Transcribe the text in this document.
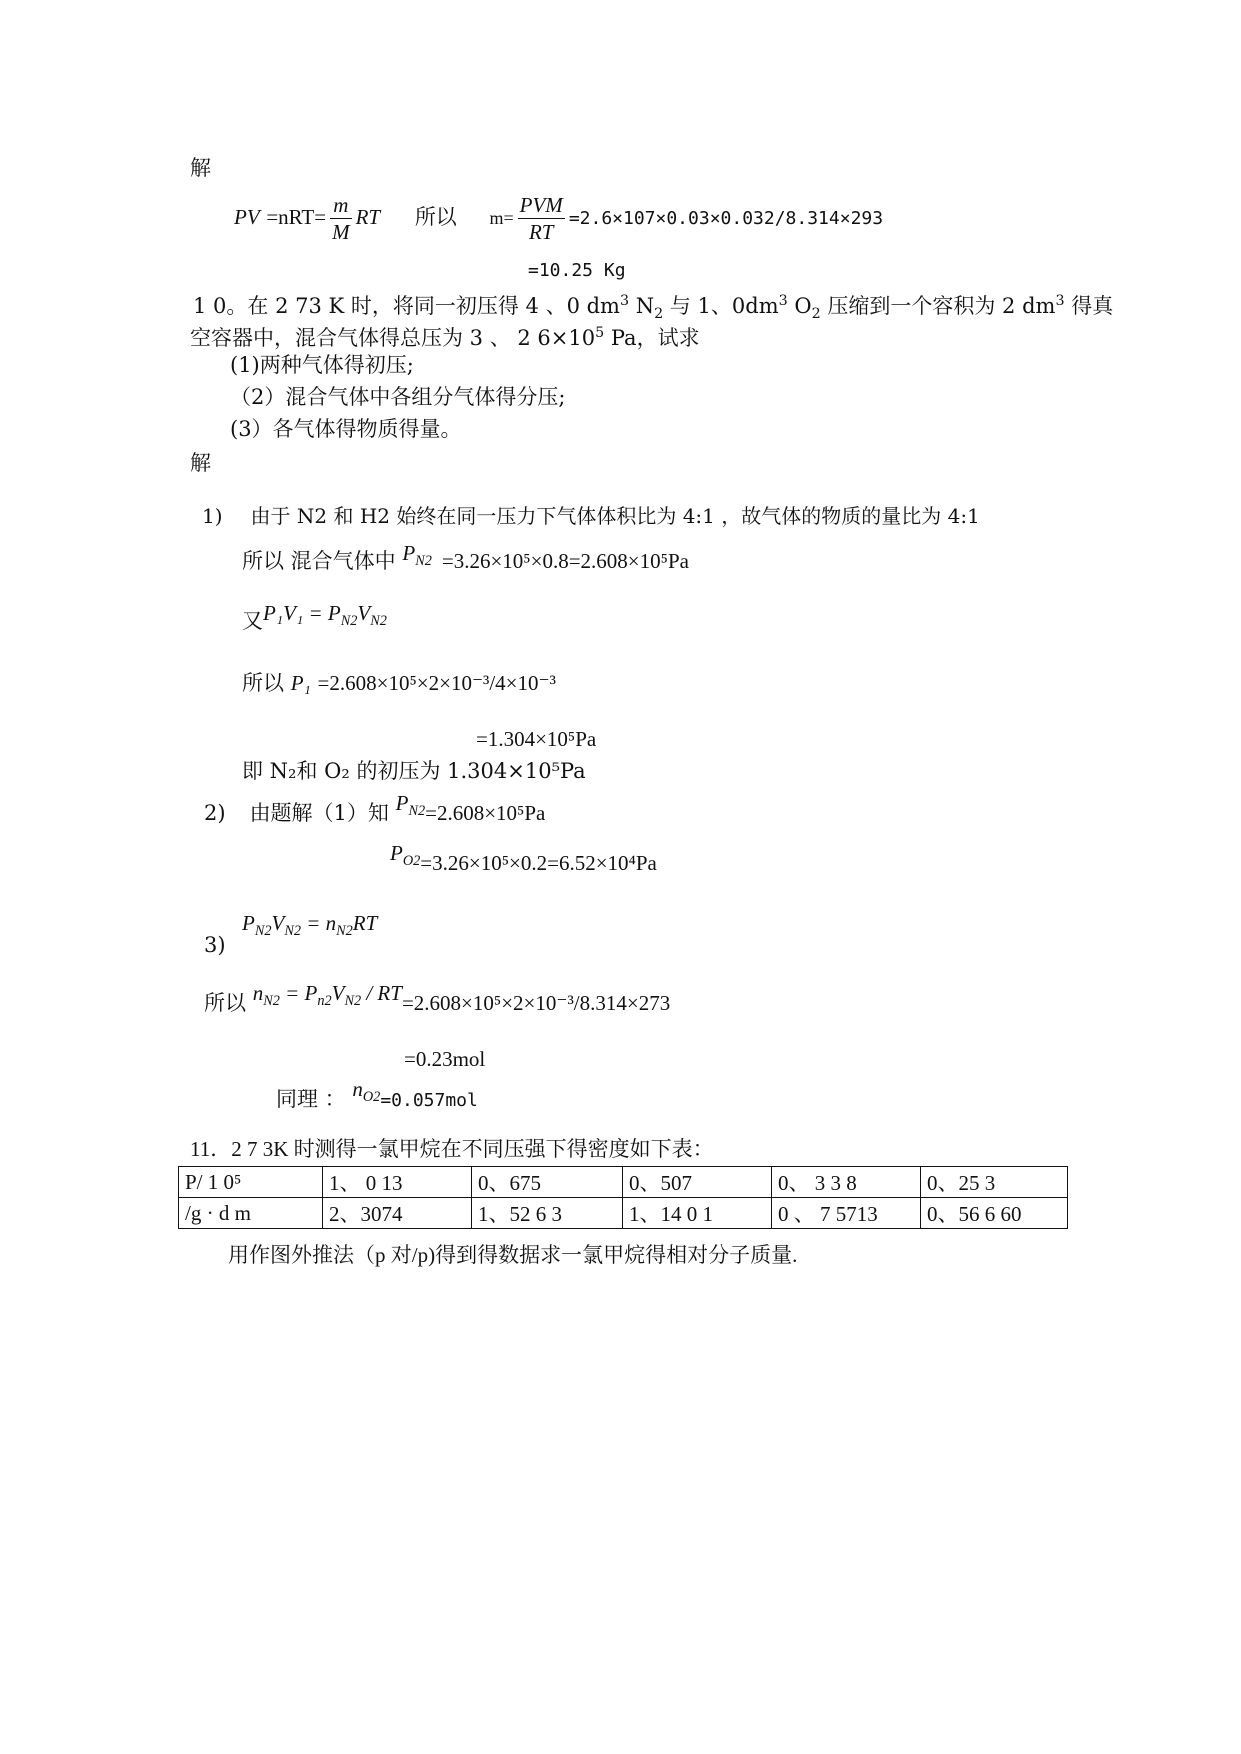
解
PV $=nRT= \frac{m}{M}$ RT 所以 $m= \frac{\text{PVM}}{RT} =2.6\times 107\times 0.03\times 0.032/8.314\times 293$
=10.25 Kg
1 0。在 2 73 K 时，将同一初压得 4 、0 $dm^3$ $N_2$ 与 1、$0dm^3$ $O_2$ 压缩到一个容积为 2 $dm^3$ 得真
空容器中，混合气体得总压为 3 、 2 $6\times 10^5$ Pa，试求
(1)两种气体得初压;
（2）混合气体中各组分气体得分压;
(3）各气体得物质得量。
解
1) 由于 N2 和 H2 始终在同一压力下气体体积比为 4:1 ，故气体的物质的量比为 4:1
所以 混合气体中 $P_{N2} =3.26\times 10^5\times 0.8=2.608\times 10^5Pa$
又$P_1V_1 = P_{N2}V_{N2}$
所以 P₁ =2.608×10⁵×2×10⁻³/4×10⁻³
=1.304×10⁵Pa
即 N₂和 O₂ 的初压为 1.304×10⁵Pa
2) 由题解（1）知 $P_{N2}=2.608\times 10^5Pa$
$P_{O2}=3.26\times 10^5\times 0.2=6.52\times 10^4Pa$
$P_{N2}V_{N2} = n_{N2}RT$
3)
所以 $n_{N2} = P_{n2}V_{N2} / RT=2.608\times 10^5\times 2\times 10^{-3}/8.314\times 273$
=0.23mol
同理 ： $n_{O2}=0.057mol$
11．2 7 3K 时测得一氯甲烷在不同压强下得密度如下表：
P/ 1 0⁵	1、 0 13	0、675	0、507	0、 3 3 8	0、25 3
/g · d m	2、3074	1、52 6 3	1、14 0 1	0 、 7 5713	0、56 6 60
用作图外推法（p 对/p)得到得数据求一氯甲烷得相对分子质量.
